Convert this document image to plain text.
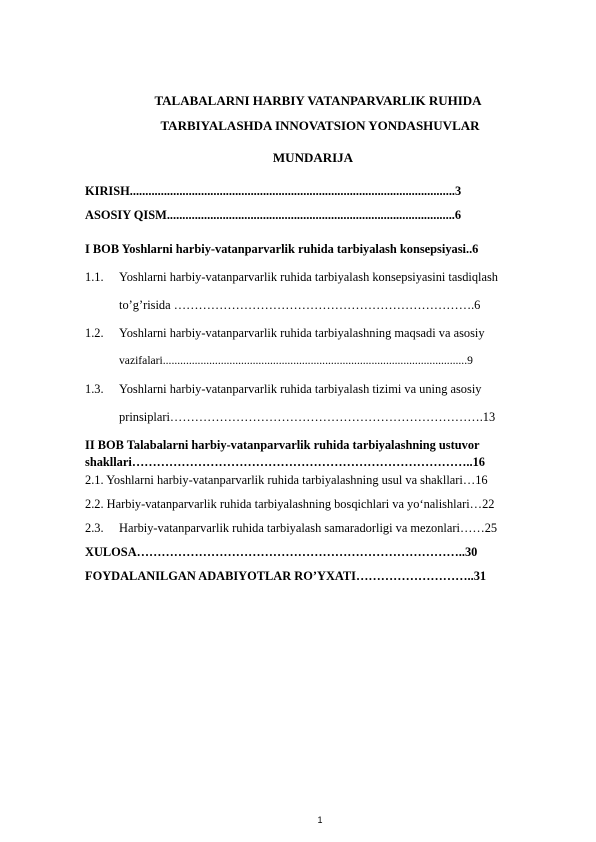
TALABALARNI HARBIY VATANPARVARLIK RUHIDA
TARBIYALASHDA INNOVATSION YONDASHUVLAR
MUNDARIJA
KIRISH.........................................................................................................3
ASOSIY QISM.............................................................................................6
I BOB Yoshlarni harbiy-vatanparvarlik ruhida tarbiyalash konsepsiyasi..6
1.1. Yoshlarni harbiy-vatanparvarlik ruhida tarbiyalash konsepsiyasini tasdiqlash
to’g’risida ……………………………………………………………….6
1.2. Yoshlarni harbiy-vatanparvarlik ruhida tarbiyalashning maqsadi va asosiy
vazifalari.........................................................................................................9
1.3. Yoshlarni harbiy-vatanparvarlik ruhida tarbiyalash tizimi va uning asosiy
prinsiplari………………………………………………………………….13
II BOB Talabalarni harbiy-vatanparvarlik ruhida tarbiyalashning ustuvor
shakllari………………………………………………………………………..16
2.1. Yoshlarni harbiy-vatanparvarlik ruhida tarbiyalashning usul va shakllari…16
2.2. Harbiy-vatanparvarlik ruhida tarbiyalashning bosqichlari va yo‘nalishlari…22
2.3. Harbiy-vatanparvarlik ruhida tarbiyalash samaradorligi va mezonlari……25
XULOSA……………………………………………………………………..30
FOYDALANILGAN ADABIYOTLAR RO’YXATI………………………..31
1
